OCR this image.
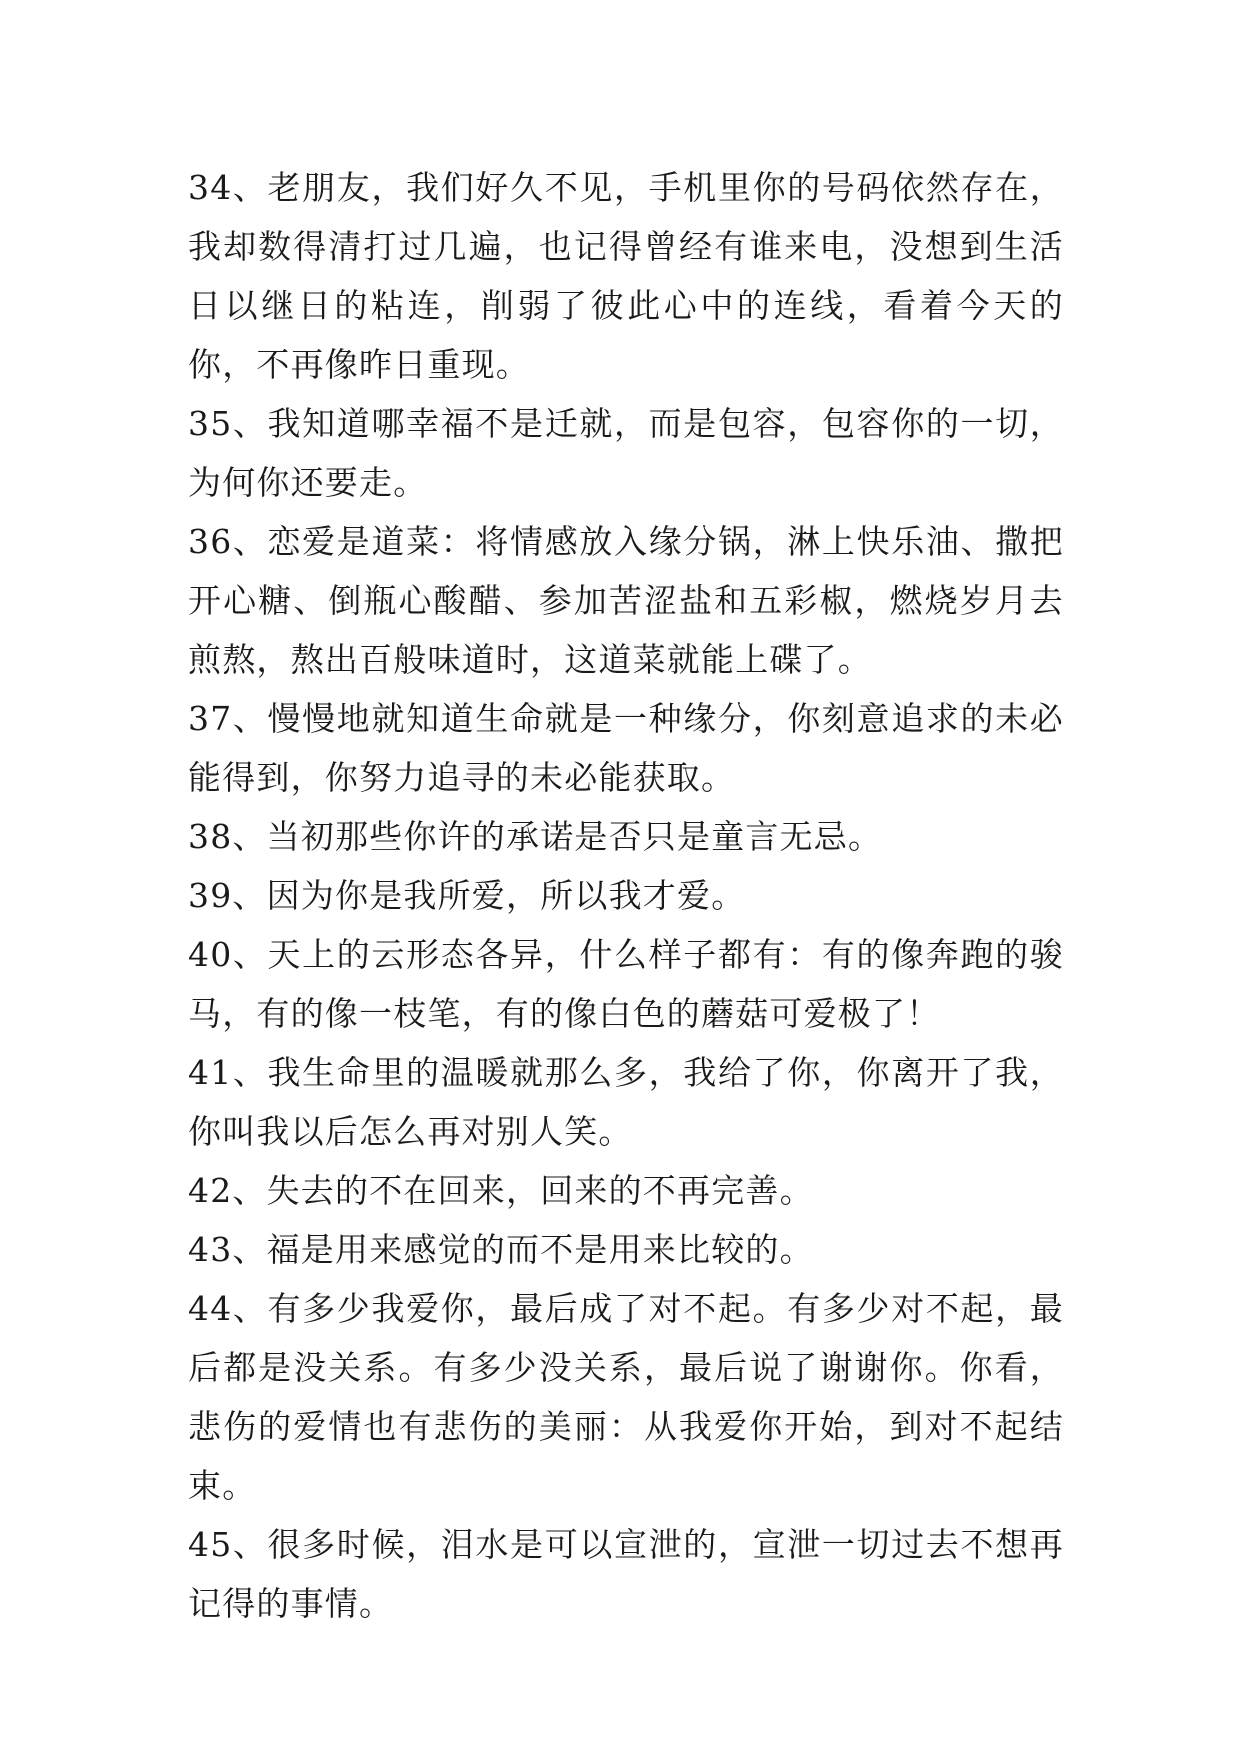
34、老朋友，我们好久不见，手机里你的号码依然存在，我却数得清打过几遍，也记得曾经有谁来电，没想到生活日以继日的粘连，削弱了彼此心中的连线，看着今天的你，不再像昨日重现。

35、我知道哪幸福不是迁就，而是包容，包容你的一切，为何你还要走。

36、恋爱是道菜：将情感放入缘分锅，淋上快乐油、撒把开心糖、倒瓶心酸醋、参加苦涩盐和五彩椒，燃烧岁月去煎熬，熬出百般味道时，这道菜就能上碟了。

37、慢慢地就知道生命就是一种缘分，你刻意追求的未必能得到，你努力追寻的未必能获取。

38、当初那些你许的承诺是否只是童言无忌。

39、因为你是我所爱，所以我才爱。

40、天上的云形态各异，什么样子都有：有的像奔跑的骏马，有的像一枝笔，有的像白色的蘑菇可爱极了！

41、我生命里的温暖就那么多，我给了你，你离开了我，你叫我以后怎么再对别人笑。

42、失去的不在回来，回来的不再完善。

43、福是用来感觉的而不是用来比较的。

44、有多少我爱你，最后成了对不起。有多少对不起，最后都是没关系。有多少没关系，最后说了谢谢你。你看，悲伤的爱情也有悲伤的美丽：从我爱你开始，到对不起结束。

45、很多时候，泪水是可以宣泄的，宣泄一切过去不想再记得的事情。
